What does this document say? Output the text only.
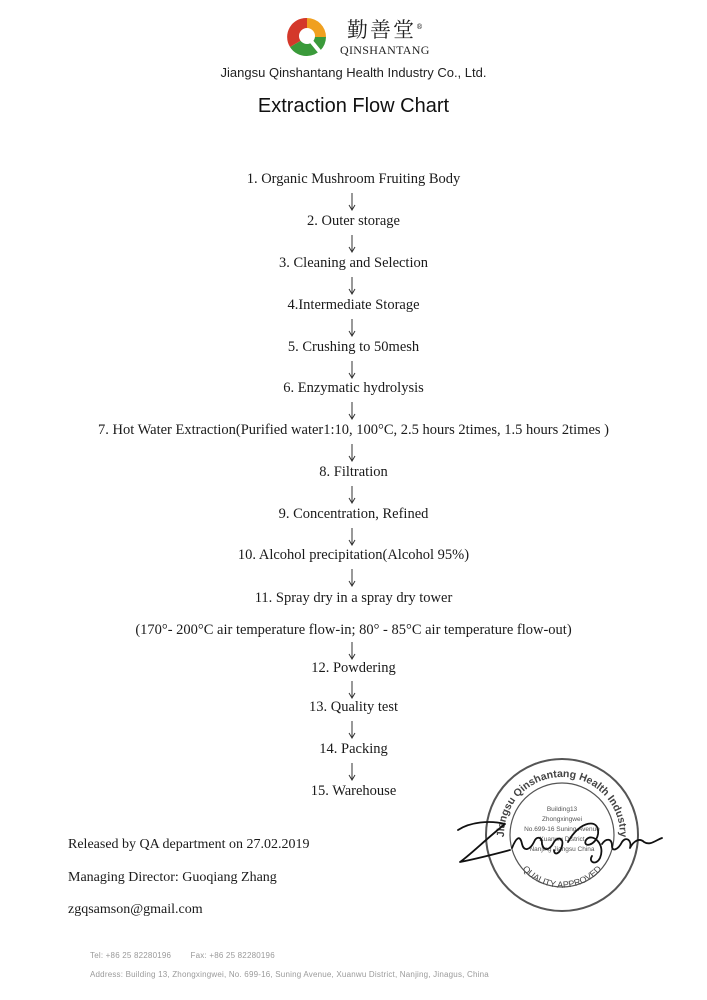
勤善堂®
QINSHANTANG
Jiangsu Qinshantang Health Industry Co., Ltd.
Extraction Flow Chart
1. Organic Mushroom Fruiting Body
2. Outer storage
3. Cleaning and Selection
4.Intermediate Storage
5. Crushing to 50mesh
6. Enzymatic hydrolysis
7. Hot Water Extraction(Purified water1:10, 100°C, 2.5 hours 2times, 1.5 hours 2times )
8. Filtration
9. Concentration, Refined
10. Alcohol precipitation(Alcohol 95%)
11. Spray dry in a spray dry tower
(170°- 200°C air temperature flow-in; 80° - 85°C air temperature flow-out)
12. Powdering
13. Quality test
14. Packing
15. Warehouse
Released by QA department on 27.02.2019
Managing Director: Guoqiang Zhang
zgqsamson@gmail.com
Tel: +86 25 82280196        Fax: +86 25 82280196
Address: Building 13, Zhongxingwei, No. 699-16, Suning Avenue, Xuanwu District, Nanjing, Jinagus, China
Jiangsu Qinshantang Health Industry
QUALITY APPROVED
Building13
Zhongxingwei
No.699-16 Suning Avenue
Xuanwu District
Nanjing Jiangsu China
